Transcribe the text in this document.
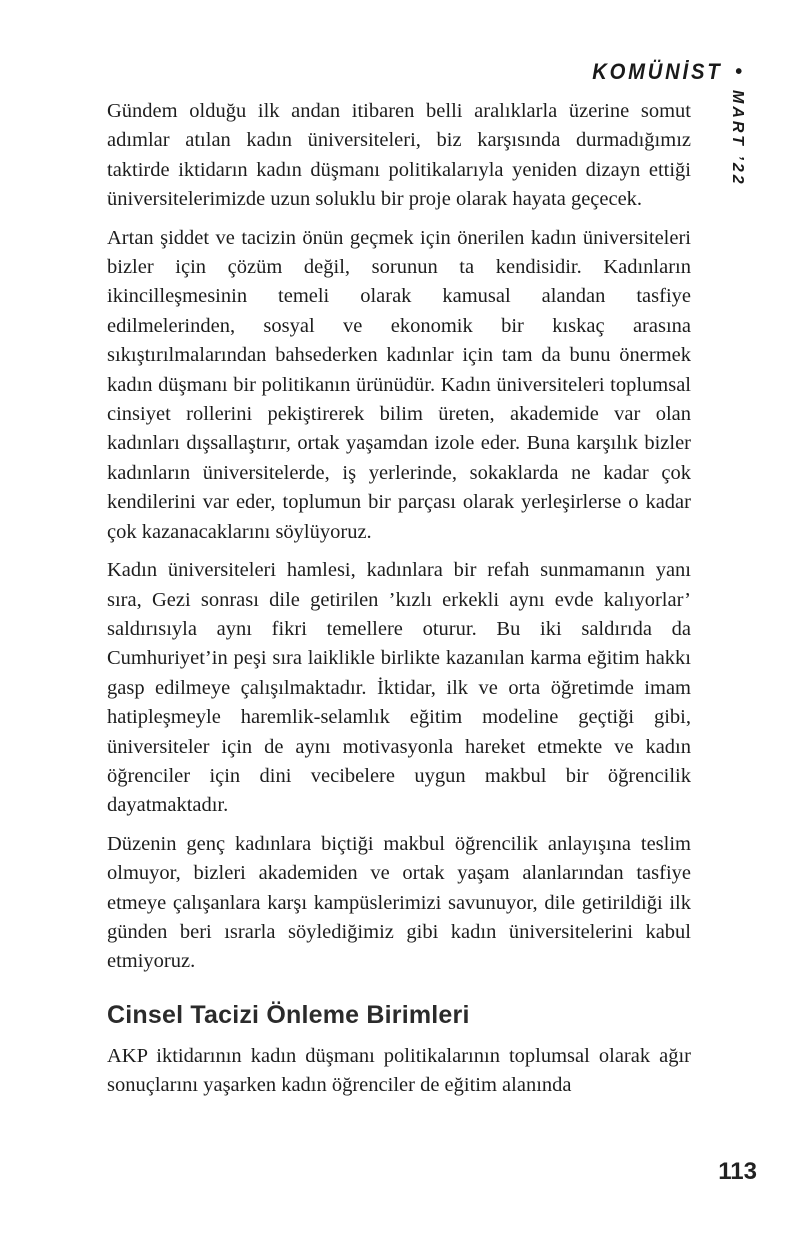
KOMÜNİST •
MART ’22

Gündem olduğu ilk andan itibaren belli aralıklarla üzerine somut adımlar atılan kadın üniversiteleri, biz karşısında durmadığımız taktirde iktidarın kadın düşmanı politikalarıyla yeniden dizayn ettiği üniversitelerimizde uzun soluklu bir proje olarak hayata geçecek.

Artan şiddet ve tacizin önün geçmek için önerilen kadın üniversiteleri bizler için çözüm değil, sorunun ta kendisidir. Kadınların ikincilleşmesinin temeli olarak kamusal alandan tasfiye edilmelerinden, sosyal ve ekonomik bir kıskaç arasına sıkıştırılmalarından bahsederken kadınlar için tam da bunu önermek kadın düşmanı bir politikanın ürünüdür. Kadın üniversiteleri toplumsal cinsiyet rollerini pekiştirerek bilim üreten, akademide var olan kadınları dışsallaştırır, ortak yaşamdan izole eder. Buna karşılık bizler kadınların üniversitelerde, iş yerlerinde, sokaklarda ne kadar çok kendilerini var eder, toplumun bir parçası olarak yerleşirlerse o kadar çok kazanacaklarını söylüyoruz.

Kadın üniversiteleri hamlesi, kadınlara bir refah sunmamanın yanı sıra, Gezi sonrası dile getirilen ’kızlı erkekli aynı evde kalıyorlar’ saldırısıyla aynı fikri temellere oturur. Bu iki saldırıda da Cumhuriyet’in peşi sıra laiklikle birlikte kazanılan karma eğitim hakkı gasp edilmeye çalışılmaktadır. İktidar, ilk ve orta öğretimde imam hatipleşmeyle haremlik-selamlık eğitim modeline geçtiği gibi, üniversiteler için de aynı motivasyonla hareket etmekte ve kadın öğrenciler için dini vecibelere uygun makbul bir öğrencilik dayatmaktadır.

Düzenin genç kadınlara biçtiği makbul öğrencilik anlayışına teslim olmuyor, bizleri akademiden ve ortak yaşam alanlarından tasfiye etmeye çalışanlara karşı kampüslerimizi savunuyor, dile getirildiği ilk günden beri ısrarla söylediğimiz gibi kadın üniversitelerini kabul etmiyoruz.

Cinsel Tacizi Önleme Birimleri

AKP iktidarının kadın düşmanı politikalarının toplumsal olarak ağır sonuçlarını yaşarken kadın öğrenciler de eğitim alanında

113
